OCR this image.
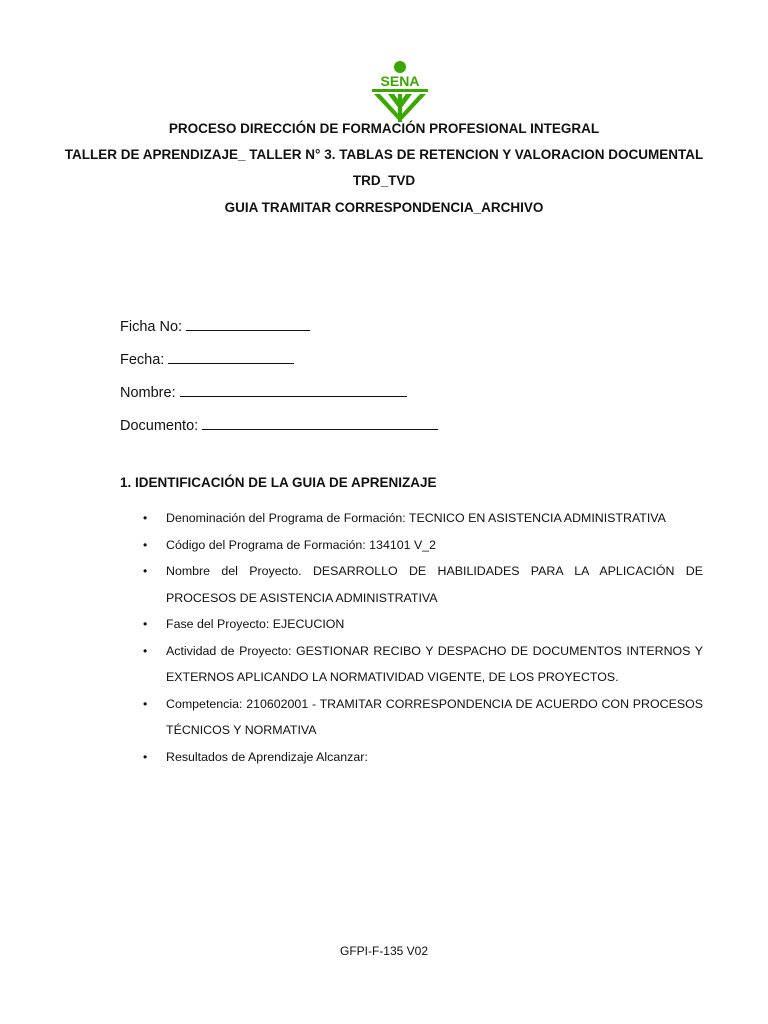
SENA
PROCESO DIRECCIÓN DE FORMACIÓN PROFESIONAL INTEGRAL
TALLER DE APRENDIZAJE_ TALLER N° 3. TABLAS DE RETENCION Y VALORACION DOCUMENTAL
TRD_TVD
GUIA TRAMITAR CORRESPONDENCIA_ARCHIVO
Ficha No:
Fecha:
Nombre:
Documento:
1. IDENTIFICACIÓN DE LA GUIA DE APRENIZAJE
• Denominación del Programa de Formación: TECNICO EN ASISTENCIA ADMINISTRATIVA
• Código del Programa de Formación: 134101 V_2
• Nombre del Proyecto. DESARROLLO DE HABILIDADES PARA LA APLICACIÓN DE PROCESOS DE ASISTENCIA ADMINISTRATIVA
• Fase del Proyecto: EJECUCION
• Actividad de Proyecto: GESTIONAR RECIBO Y DESPACHO DE DOCUMENTOS INTERNOS Y EXTERNOS APLICANDO LA NORMATIVIDAD VIGENTE, DE LOS PROYECTOS.
• Competencia: 210602001 - TRAMITAR CORRESPONDENCIA DE ACUERDO CON PROCESOS TÉCNICOS Y NORMATIVA
• Resultados de Aprendizaje Alcanzar:
GFPI-F-135 V02
